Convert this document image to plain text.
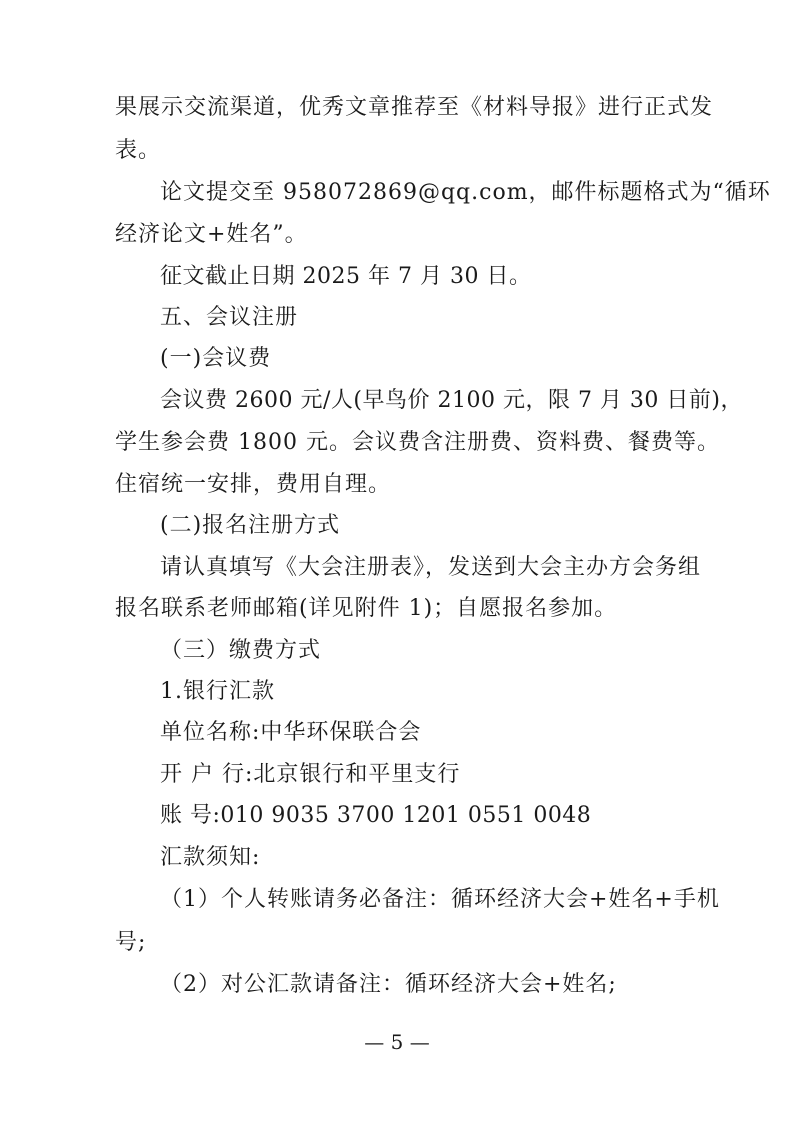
果展示交流渠道，优秀文章推荐至《材料导报》进行正式发
表。
论文提交至 958072869@qq.com，邮件标题格式为“循环
经济论文+姓名”。
征文截止日期 2025 年 7 月 30 日。
五、会议注册
(一)会议费
会议费 2600 元/人(早鸟价 2100 元，限 7 月 30 日前)，
学生参会费 1800 元。会议费含注册费、资料费、餐费等。
住宿统一安排，费用自理。
(二)报名注册方式
请认真填写《大会注册表》，发送到大会主办方会务组
报名联系老师邮箱(详见附件 1)；自愿报名参加。
（三）缴费方式
1.银行汇款
单位名称:中华环保联合会
开 户 行:北京银行和平里支行
账 号:010 9035 3700 1201 0551 0048
汇款须知:
（1）个人转账请务必备注：循环经济大会+姓名+手机
号;
（2）对公汇款请备注：循环经济大会+姓名;
— 5 —
